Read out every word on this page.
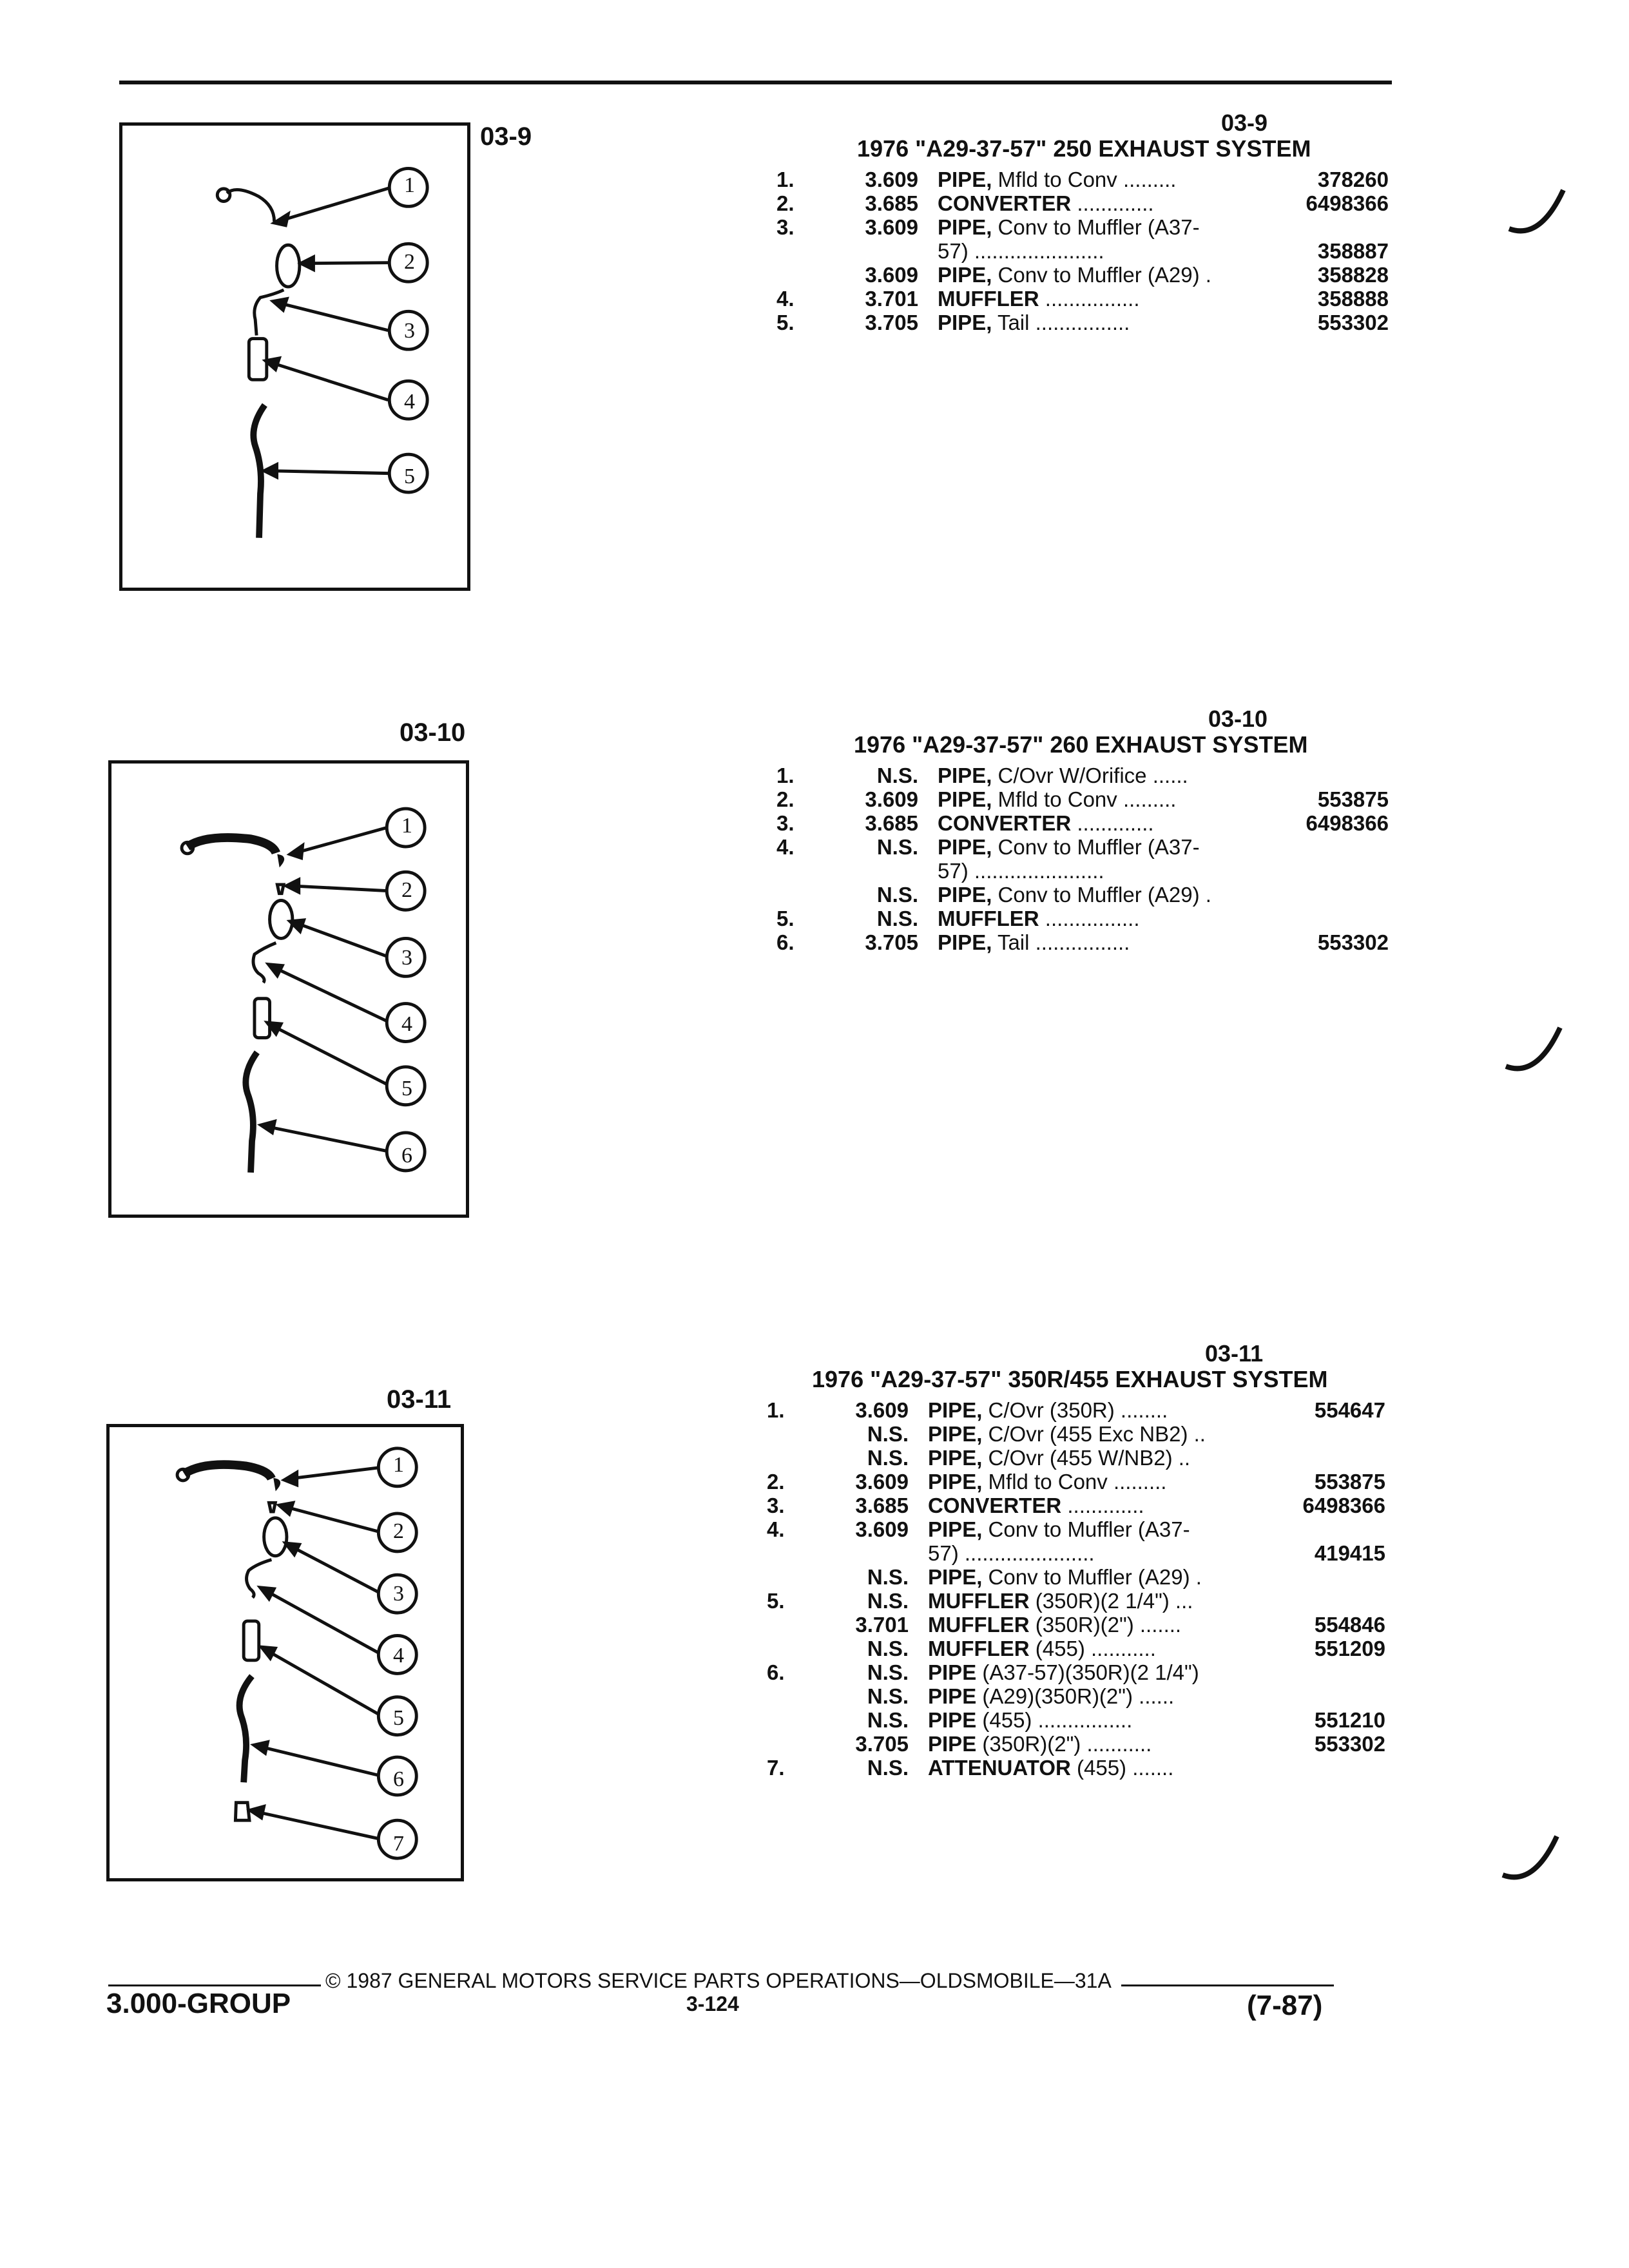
1
2
3
4
5
03-9	03-9
1976 "A29-37-57" 250 EXHAUST SYSTEM
1.	3.609 PIPE, Mfld to Conv .........	378260
2.	3.685 CONVERTER .............	6498366
3.	3.609 PIPE, Conv to Muffler (A37-
57) ......................	358887
3.609 PIPE, Conv to Muffler (A29) .	358828
4.	3.701 MUFFLER ................	358888
5.	3.705 PIPE, Tail ................	553302
03-10
1
2
3
4
5
6
03-10
1976 "A29-37-57" 260 EXHAUST SYSTEM
1.	N.S. PIPE, C/Ovr W/Orifice ......
2.	3.609 PIPE, Mfld to Conv .........	553875
3.	3.685 CONVERTER .............	6498366
4.	N.S. PIPE, Conv to Muffler (A37-
57) ......................
N.S. PIPE, Conv to Muffler (A29) .
5.	N.S. MUFFLER ................
6.	3.705 PIPE, Tail ................	553302
03-11
1
2
3
4
5
6
7
03-11
1976 "A29-37-57" 350R/455 EXHAUST SYSTEM
1.	3.609 PIPE, C/Ovr (350R) ........	554647
N.S. PIPE, C/Ovr (455 Exc NB2) ..
N.S. PIPE, C/Ovr (455 W/NB2) ..
2.	3.609 PIPE, Mfld to Conv .........	553875
3.	3.685 CONVERTER .............	6498366
4.	3.609 PIPE, Conv to Muffler (A37-
57) ......................	419415
N.S. PIPE, Conv to Muffler (A29) .
5.	N.S. MUFFLER (350R)(2 1/4") ...
3.701 MUFFLER (350R)(2") .......	554846
N.S. MUFFLER (455) ...........	551209
6.	N.S. PIPE (A37-57)(350R)(2 1/4")
N.S. PIPE (A29)(350R)(2") ......
N.S. PIPE (455) ................	551210
3.705 PIPE (350R)(2") ...........	553302
7.	N.S. ATTENUATOR (455) .......
3.000-GROUP
© 1987 GENERAL MOTORS SERVICE PARTS OPERATIONS—OLDSMOBILE—31A
3-124	(7-87)
